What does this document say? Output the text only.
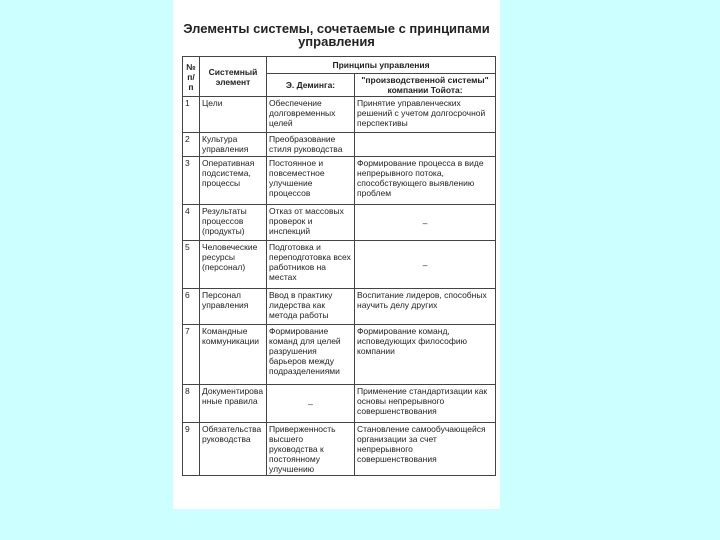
Элементы системы, сочетаемые с принципами
управления
№ п/п	Системный элемент	Принципы управления	
		Э. Деминга:	"производственной системы" компании Тойота:
1	Цели	Обеспечение долговременных целей	Принятие управленческих решений с учетом долгосрочной перспективы
2	Культура управления	Преобразование стиля руководства	
3	Оперативная подсистема, процессы	Постоянное и повсеместное улучшение процессов	Формирование процесса в виде непрерывного потока, способствующего выявлению проблем
4	Результаты процессов (продукты)	Отказ от массовых проверок и инспекций	–
5	Человеческие ресурсы (персонал)	Подготовка и переподготовка всех работников на местах	–
6	Персонал управления	Ввод в практику лидерства как метода работы	Воспитание лидеров, способных научить делу других
7	Командные коммуникации	Формирование команд для целей разрушения барьеров между подразделениями	Формирование команд, исповедующих философию компании
8	Документированные правила	–	Применение стандартизации как основы непрерывного совершенствования
9	Обязательства руководства	Приверженность высшего руководства к постоянному улучшению	Становление самообучающейся организации за счет непрерывного совершенствования
